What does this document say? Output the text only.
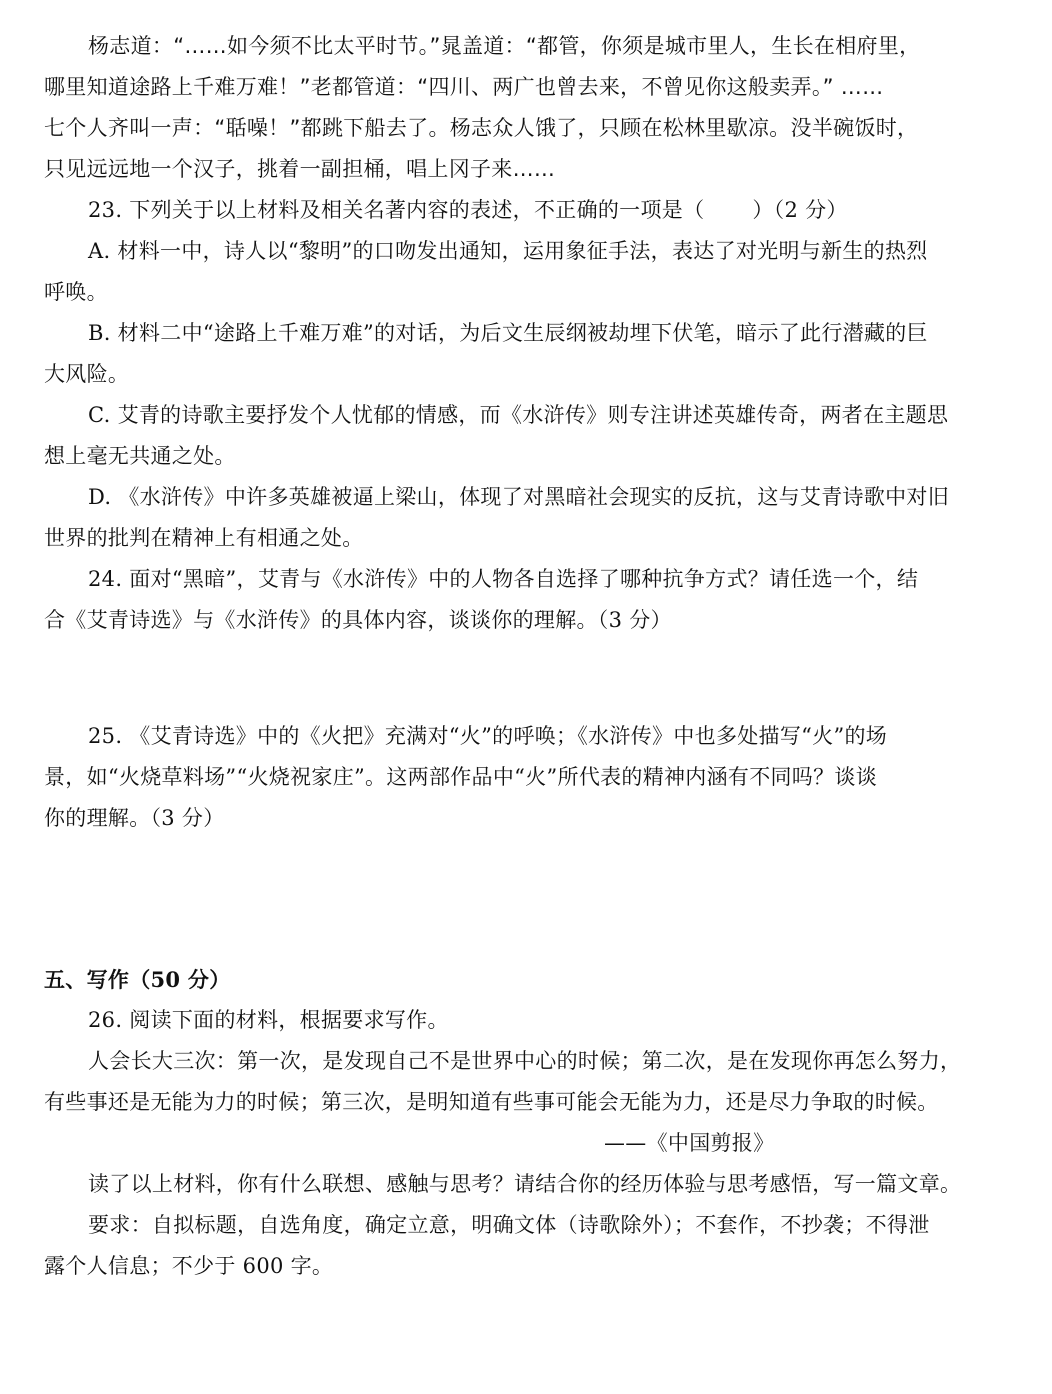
杨志道：“……如今须不比太平时节。”晁盖道：“都管，你须是城市里人，生长在相府里，
哪里知道途路上千难万难！”老都管道：“四川、两广也曾去来，不曾见你这般卖弄。” ……
七个人齐叫一声：“聒噪！”都跳下船去了。杨志众人饿了，只顾在松林里歇凉。没半碗饭时，
只见远远地一个汉子，挑着一副担桶，唱上冈子来……
23. 下列关于以上材料及相关名著内容的表述，不正确的一项是（ ）（2 分）
A. 材料一中，诗人以“黎明”的口吻发出通知，运用象征手法，表达了对光明与新生的热烈
呼唤。
B. 材料二中“途路上千难万难”的对话，为后文生辰纲被劫埋下伏笔，暗示了此行潜藏的巨
大风险。
C. 艾青的诗歌主要抒发个人忧郁的情感，而《水浒传》则专注讲述英雄传奇，两者在主题思
想上毫无共通之处。
D. 《水浒传》中许多英雄被逼上梁山，体现了对黑暗社会现实的反抗，这与艾青诗歌中对旧
世界的批判在精神上有相通之处。
24. 面对“黑暗”，艾青与《水浒传》中的人物各自选择了哪种抗争方式？请任选一个，结
合《艾青诗选》与《水浒传》的具体内容，谈谈你的理解。（3 分）
25. 《艾青诗选》中的《火把》充满对“火”的呼唤；《水浒传》中也多处描写“火”的场
景，如“火烧草料场”“火烧祝家庄”。这两部作品中“火”所代表的精神内涵有不同吗？谈谈
你的理解。（3 分）
五、写作（50 分）
26. 阅读下面的材料，根据要求写作。
人会长大三次：第一次，是发现自己不是世界中心的时候；第二次，是在发现你再怎么努力，
有些事还是无能为力的时候；第三次，是明知道有些事可能会无能为力，还是尽力争取的时候。
——《中国剪报》
读了以上材料，你有什么联想、感触与思考？请结合你的经历体验与思考感悟，写一篇文章。
要求：自拟标题，自选角度，确定立意，明确文体（诗歌除外）；不套作，不抄袭；不得泄
露个人信息；不少于 600 字。
